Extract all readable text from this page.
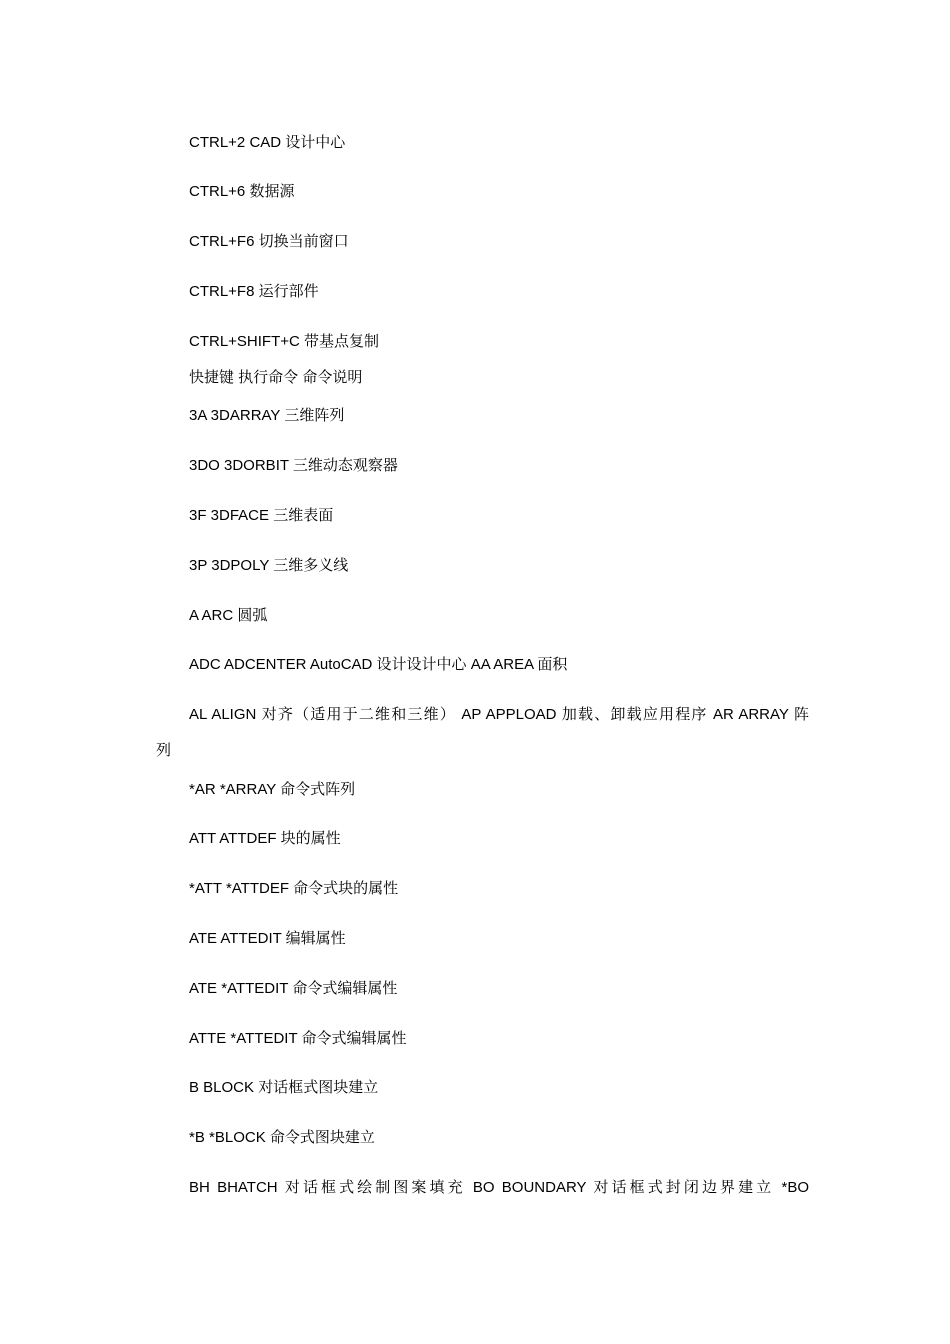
CTRL+2 CAD 设计中心
CTRL+6 数据源
CTRL+F6 切换当前窗口
CTRL+F8 运行部件
CTRL+SHIFT+C 带基点复制
快捷键 执行命令 命令说明
3A 3DARRAY 三维阵列
3DO 3DORBIT 三维动态观察器
3F 3DFACE 三维表面
3P 3DPOLY 三维多义线
A ARC 圆弧
ADC ADCENTER AutoCAD 设计设计中心 AA AREA 面积
AL ALIGN 对齐（适用于二维和三维） AP APPLOAD 加载、卸载应用程序 AR ARRAY 阵
列
*AR *ARRAY 命令式阵列
ATT ATTDEF 块的属性
*ATT *ATTDEF 命令式块的属性
ATE ATTEDIT 编辑属性
ATE *ATTEDIT 命令式编辑属性
ATTE *ATTEDIT 命令式编辑属性
B BLOCK 对话框式图块建立
*B *BLOCK 命令式图块建立
BH BHATCH 对话框式绘制图案填充 BO BOUNDARY 对话框式封闭边界建立 *BO
